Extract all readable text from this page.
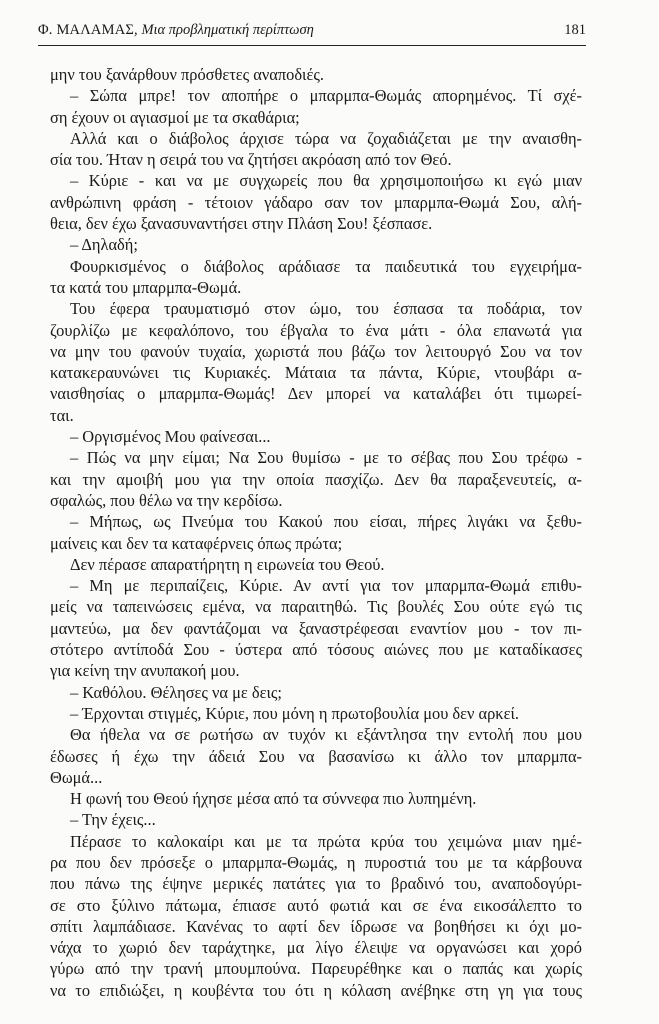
Φ. ΜΑΛΑΜΑΣ, Μια προβληματική περίπτωση	181
μην του ξανάρθουν πρόσθετες αναποδιές.
– Σώπα μπρε! τον αποπήρε ο μπαρμπα-Θωμάς απορημένος. Τί σχέ-
ση έχουν οι αγιασμοί με τα σκαθάρια;
Αλλά και ο διάβολος άρχισε τώρα να ζοχαδιάζεται με την αναισθη-
σία του. Ήταν η σειρά του να ζητήσει ακρόαση από τον Θεό.
– Κύριε - και να με συγχωρείς που θα χρησιμοποιήσω κι εγώ μιαν
ανθρώπινη φράση - τέτοιον γάδαρο σαν τον μπαρμπα-Θωμά Σου, αλή-
θεια, δεν έχω ξανασυναντήσει στην Πλάση Σου! ξέσπασε.
– Δηλαδή;
Φουρκισμένος ο διάβολος αράδιασε τα παιδευτικά του εγχειρήμα-
τα κατά του μπαρμπα-Θωμά.
Του έφερα τραυματισμό στον ώμο, του έσπασα τα ποδάρια, τον
ζουρλίζω με κεφαλόπονο, του έβγαλα το ένα μάτι - όλα επανωτά για
να μην του φανούν τυχαία, χωριστά που βάζω τον λειτουργό Σου να τον
κατακεραυνώνει τις Κυριακές. Μάταια τα πάντα, Κύριε, ντουβάρι α-
ναισθησίας ο μπαρμπα-Θωμάς! Δεν μπορεί να καταλάβει ότι τιμωρεί-
ται.
– Οργισμένος Μου φαίνεσαι...
– Πώς να μην είμαι; Να Σου θυμίσω - με το σέβας που Σου τρέφω -
και την αμοιβή μου για την οποία πασχίζω. Δεν θα παραξενευτείς, α-
σφαλώς, που θέλω να την κερδίσω.
– Μήπως, ως Πνεύμα του Κακού που είσαι, πήρες λιγάκι να ξεθυ-
μαίνεις και δεν τα καταφέρνεις όπως πρώτα;
Δεν πέρασε απαρατήρητη η ειρωνεία του Θεού.
– Μη με περιπαίζεις, Κύριε. Αν αντί για τον μπαρμπα-Θωμά επιθυ-
μείς να ταπεινώσεις εμένα, να παραιτηθώ. Τις βουλές Σου ούτε εγώ τις
μαντεύω, μα δεν φαντάζομαι να ξαναστρέφεσαι εναντίον μου - τον πι-
στότερο αντίποδά Σου - ύστερα από τόσους αιώνες που με καταδίκασες
για κείνη την ανυπακοή μου.
– Καθόλου. Θέλησες να με δεις;
– Έρχονται στιγμές, Κύριε, που μόνη η πρωτοβουλία μου δεν αρκεί.
Θα ήθελα να σε ρωτήσω αν τυχόν κι εξάντλησα την εντολή που μου
έδωσες ή έχω την άδειά Σου να βασανίσω κι άλλο τον μπαρμπα-
Θωμά...
Η φωνή του Θεού ήχησε μέσα από τα σύννεφα πιο λυπημένη.
– Την έχεις...
Πέρασε το καλοκαίρι και με τα πρώτα κρύα του χειμώνα μιαν ημέ-
ρα που δεν πρόσεξε ο μπαρμπα-Θωμάς, η πυροστιά του με τα κάρβουνα
που πάνω της έψηνε μερικές πατάτες για το βραδινό του, αναποδογύρι-
σε στο ξύλινο πάτωμα, έπιασε αυτό φωτιά και σε ένα εικοσάλεπτο το
σπίτι λαμπάδιασε. Κανένας το αφτί δεν ίδρωσε να βοηθήσει κι όχι μο-
νάχα το χωριό δεν ταράχτηκε, μα λίγο έλειψε να οργανώσει και χορό
γύρω από την τρανή μπουμπούνα. Παρευρέθηκε και ο παπάς και χωρίς
να το επιδιώξει, η κουβέντα του ότι η κόλαση ανέβηκε στη γη για τους
